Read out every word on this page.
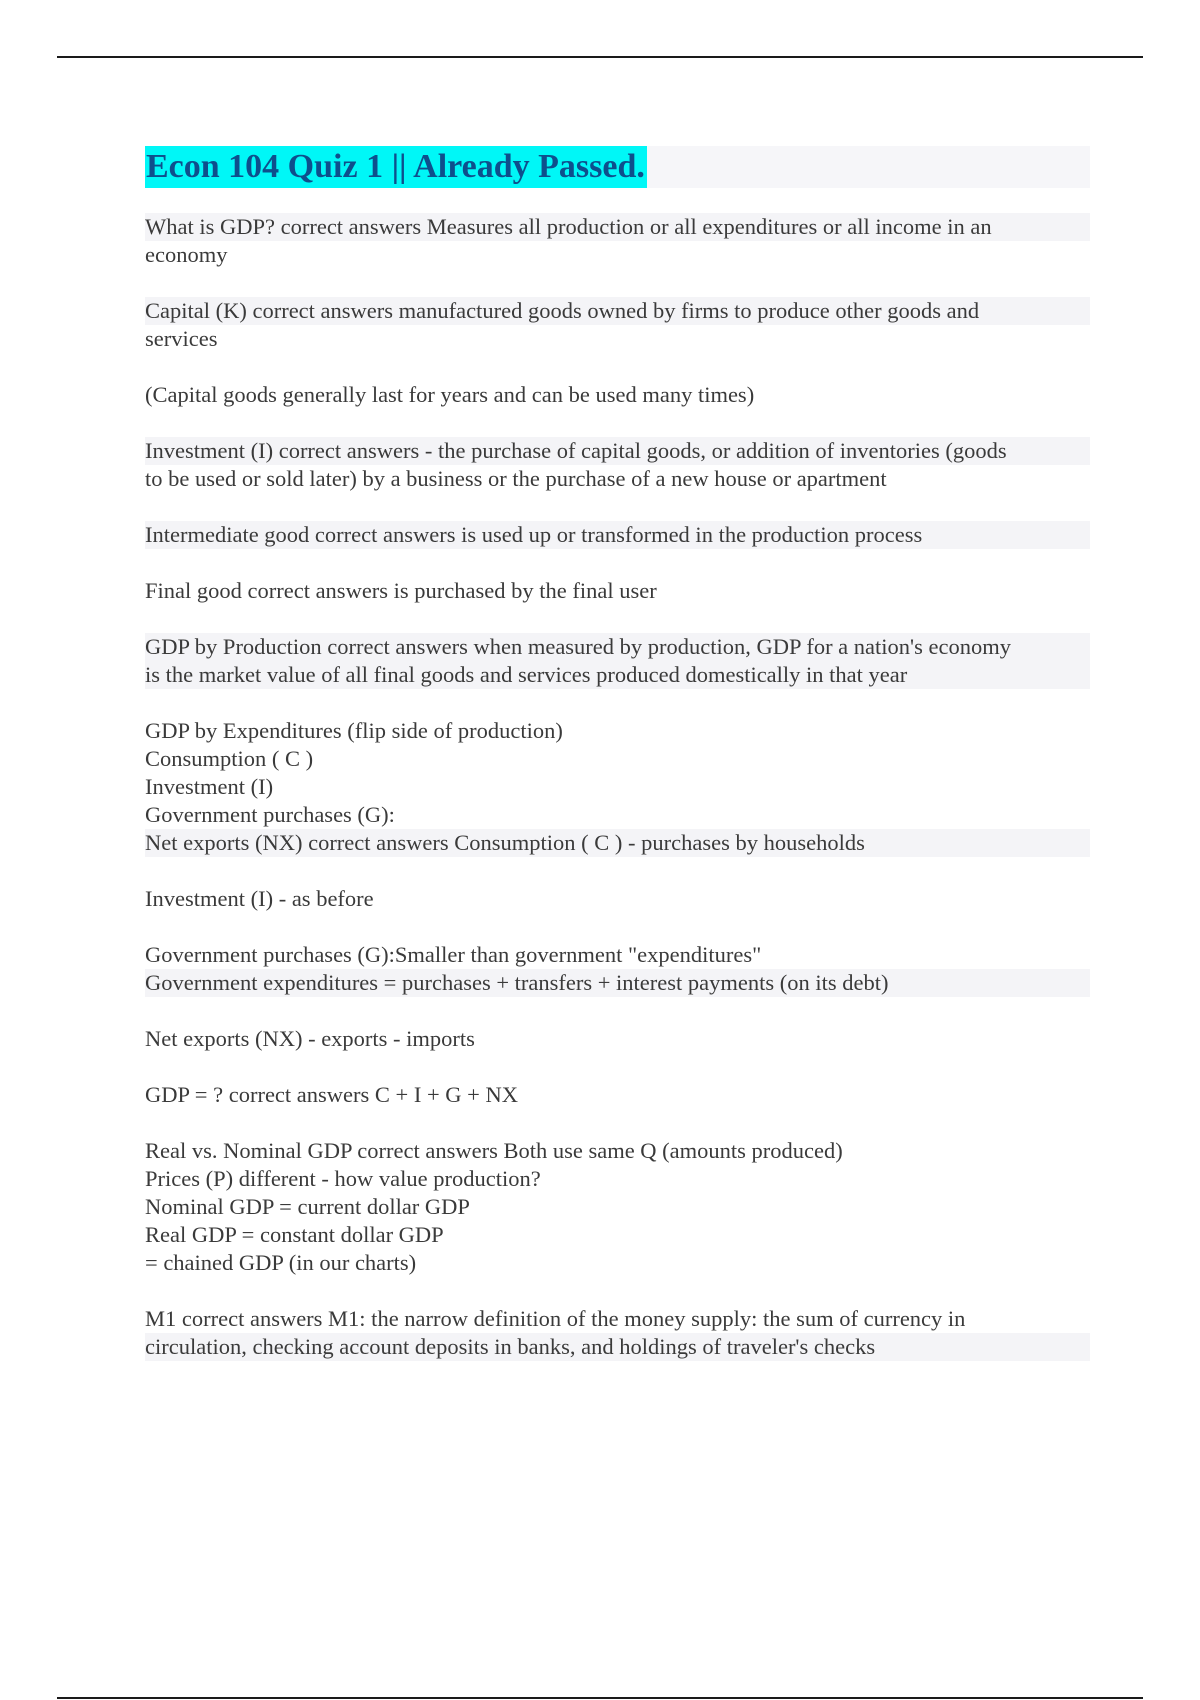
Econ 104 Quiz 1 || Already Passed.
What is GDP? correct answers Measures all production or all expenditures or all income in an
economy
Capital (K) correct answers manufactured goods owned by firms to produce other goods and
services
(Capital goods generally last for years and can be used many times)
Investment (I) correct answers - the purchase of capital goods, or addition of inventories (goods
to be used or sold later) by a business or the purchase of a new house or apartment
Intermediate good correct answers is used up or transformed in the production process
Final good correct answers is purchased by the final user
GDP by Production correct answers when measured by production, GDP for a nation's economy
is the market value of all final goods and services produced domestically in that year
GDP by Expenditures (flip side of production)
Consumption ( C )
Investment (I)
Government purchases (G):
Net exports (NX) correct answers Consumption ( C ) - purchases by households
Investment (I) - as before
Government purchases (G):Smaller than government "expenditures"
Government expenditures = purchases + transfers + interest payments (on its debt)
Net exports (NX) - exports - imports
GDP = ? correct answers C + I + G + NX
Real vs. Nominal GDP correct answers Both use same Q (amounts produced)
Prices (P) different - how value production?
Nominal GDP = current dollar GDP
Real GDP = constant dollar GDP
= chained GDP (in our charts)
M1 correct answers M1: the narrow definition of the money supply: the sum of currency in
circulation, checking account deposits in banks, and holdings of traveler's checks
